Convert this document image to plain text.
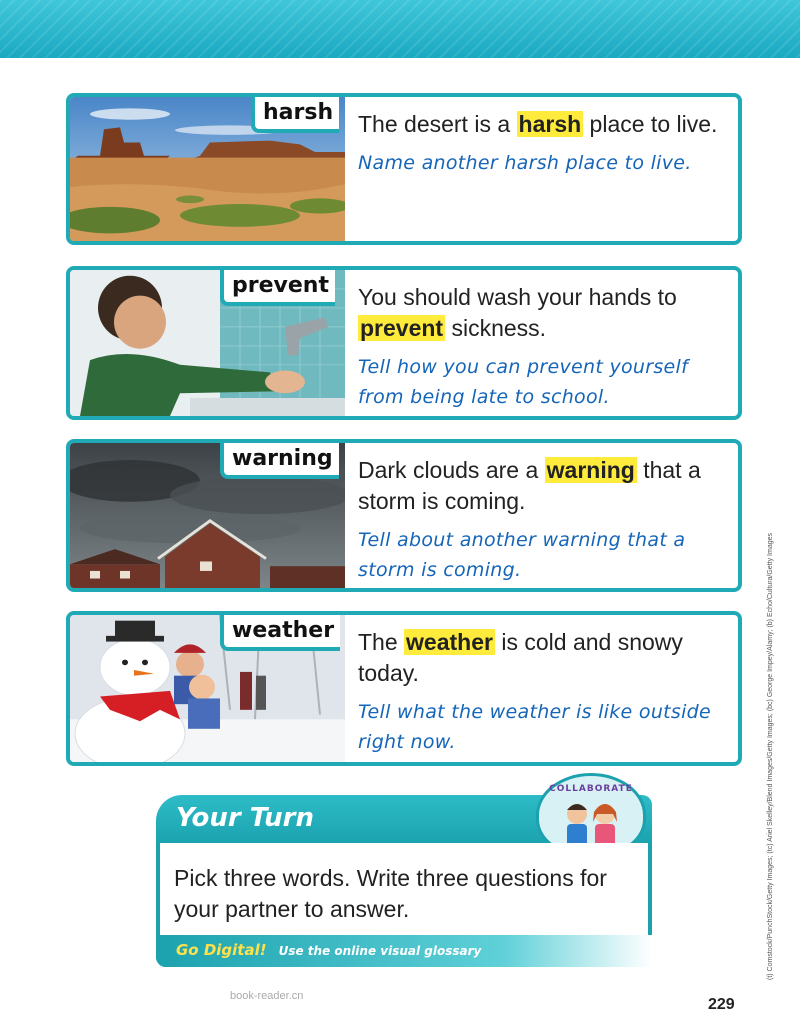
harsh The desert is a harsh place to live.

Name another harsh place to live.

prevent You should wash your hands to prevent sickness.

Tell how you can prevent yourself from being late to school.

warning Dark clouds are a warning that a storm is coming.

Tell about another warning that a storm is coming.

weather The weather is cold and snowy today.

Tell what the weather is like outside right now.

Your Turn
COLLABORATE
Pick three words. Write three questions for your partner to answer.
Go Digital! Use the online visual glossary	(t) Comstock/PunchStock/Getty Images; (tc) Ariel Skelley/Blend Images/Getty Images; (bc) George Impey/Alamy; (b) Echo/Cultura/Getty Images
book-reader.cn	229
